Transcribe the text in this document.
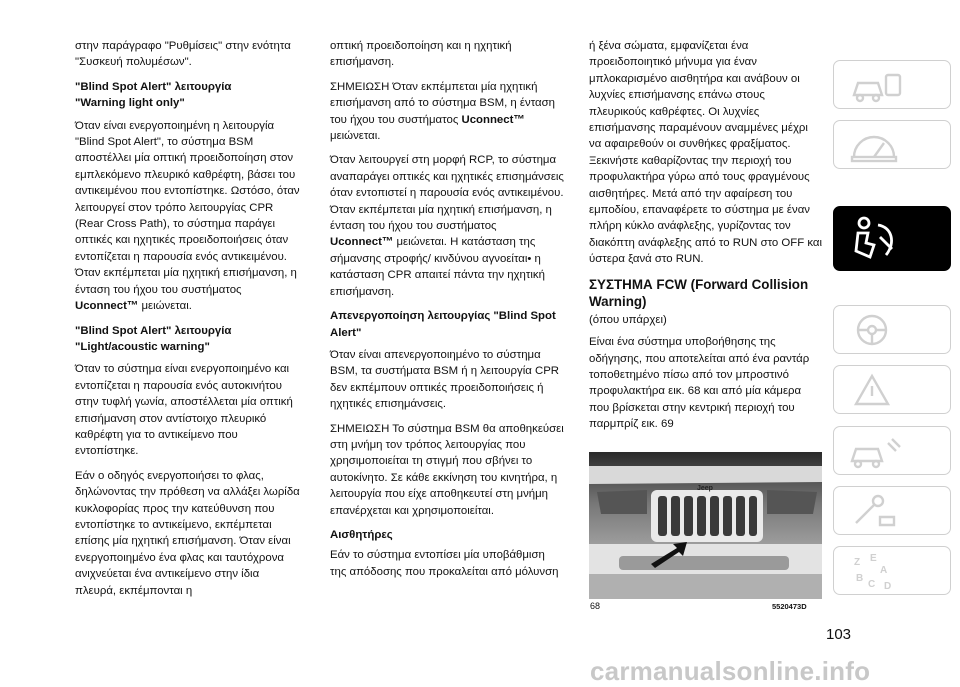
στην παράγραφο "Ρυθμίσεις" στην ενότητα "Συσκευή πολυμέσων".

"Blind Spot Alert" λειτουργία
"Warning light only"

Όταν είναι ενεργοποιημένη η λειτουργία "Blind Spot Alert", το σύστημα BSM αποστέλλει μία οπτική προειδοποίηση στον εμπλεκόμενο πλευρικό καθρέφτη, βάσει του αντικειμένου που εντοπίστηκε. Ωστόσο, όταν λειτουργεί στον τρόπο λειτουργίας CPR (Rear Cross Path), το σύστημα παράγει οπτικές και ηχητικές προειδοποιήσεις όταν εντοπίζεται η παρουσία ενός αντικειμένου. Όταν εκπέμπεται μία ηχητική επισήμανση, η ένταση του ήχου του συστήματος
Uconnect™ μειώνεται.

"Blind Spot Alert" λειτουργία
"Light/acoustic warning"

Όταν το σύστημα είναι ενεργοποιημένο και εντοπίζεται η παρουσία ενός αυτοκινήτου στην τυφλή γωνία, αποστέλλεται μία οπτική επισήμανση στον αντίστοιχο πλευρικό καθρέφτη για το αντικείμενο που εντοπίστηκε.

Εάν ο οδηγός ενεργοποιήσει το φλας, δηλώνοντας την πρόθεση να αλλάξει λωρίδα κυκλοφορίας προς την κατεύθυνση που εντοπίστηκε το αντικείμενο, εκπέμπεται επίσης μία ηχητική επισήμανση. Όταν είναι ενεργοποιημένο ένα φλας και ταυτόχρονα ανιχνεύεται ένα αντικείμενο στην ίδια πλευρά, εκπέμπονται η

οπτική προειδοποίηση και η ηχητική επισήμανση.

ΣΗΜΕΙΩΣΗ Όταν εκπέμπεται μία ηχητική επισήμανση από το σύστημα BSM, η ένταση του ήχου του συστήματος Uconnect™ μειώνεται.

Όταν λειτουργεί στη μορφή RCP, το σύστημα αναπαράγει οπτικές και ηχητικές επισημάνσεις όταν εντοπιστεί η παρουσία ενός αντικειμένου. Όταν εκπέμπεται μία ηχητική επισήμανση, η ένταση του ήχου του συστήματος
Uconnect™ μειώνεται. Η κατάσταση της σήμανσης στροφής/ κινδύνου αγνοείται• η κατάσταση CPR απαιτεί πάντα την ηχητική επισήμανση.

Απενεργοποίηση λειτουργίας "Blind Spot Alert"

Όταν είναι απενεργοποιημένο το σύστημα BSM, τα συστήματα BSM ή η λειτουργία CPR δεν εκπέμπουν οπτικές προειδοποιήσεις ή ηχητικές επισημάνσεις.

ΣΗΜΕΙΩΣΗ Το σύστημα BSM θα αποθηκεύσει στη μνήμη τον τρόπος λειτουργίας που χρησιμοποιείται τη στιγμή που σβήνει το αυτοκίνητο. Σε κάθε εκκίνηση του κινητήρα, η λειτουργία που είχε αποθηκευτεί στη μνήμη επανέρχεται και χρησιμοποιείται.

Αισθητήρες

Εάν το σύστημα εντοπίσει μία υποβάθμιση της απόδοσης που προκαλείται από μόλυνση

ή ξένα σώματα, εμφανίζεται ένα προειδοποιητικό μήνυμα για έναν μπλοκαρισμένο αισθητήρα και ανάβουν οι λυχνίες επισήμανσης επάνω στους πλευρικούς καθρέφτες. Οι λυχνίες επισήμανσης παραμένουν αναμμένες μέχρι να αφαιρεθούν οι συνθήκες φραξίματος. Ξεκινήστε καθαρίζοντας την περιοχή του προφυλακτήρα γύρω από τους φραγμένους αισθητήρες. Μετά από την αφαίρεση του εμποδίου, επαναφέρετε το σύστημα με έναν πλήρη κύκλο ανάφλεξης, γυρίζοντας τον διακόπτη ανάφλεξης από το RUN στο OFF και ύστερα ξανά στο RUN.

ΣΥΣΤΗΜΑ FCW (Forward Collision Warning)

(όπου υπάρχει)

Είναι ένα σύστημα υποβοήθησης της οδήγησης, που αποτελείται από ένα ραντάρ τοποθετημένο πίσω από τον μπροστινό προφυλακτήρα εικ. 68 και από μία κάμερα που βρίσκεται στην κεντρική περιοχή του παρμπρίζ εικ. 69

Jeep
68	5520473D
103
carmanualsonline.info
Z E
A
B
C D
